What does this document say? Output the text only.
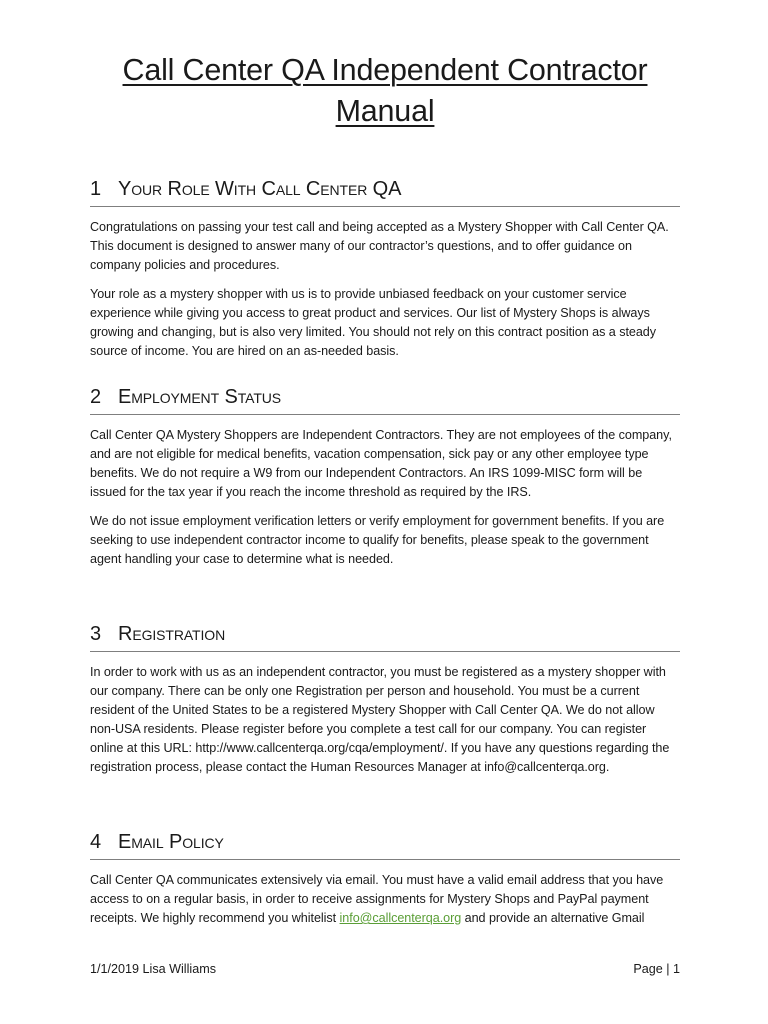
Call Center QA Independent Contractor
Manual
1 Your Role With Call Center QA

Congratulations on passing your test call and being accepted as a Mystery Shopper with Call Center QA. This document is designed to answer many of our contractor’s questions, and to offer guidance on company policies and procedures.

Your role as a mystery shopper with us is to provide unbiased feedback on your customer service experience while giving you access to great product and services. Our list of Mystery Shops is always growing and changing, but is also very limited. You should not rely on this contract position as a steady source of income. You are hired on an as-needed basis.

2 Employment Status

Call Center QA Mystery Shoppers are Independent Contractors. They are not employees of the company, and are not eligible for medical benefits, vacation compensation, sick pay or any other employee type benefits. We do not require a W9 from our Independent Contractors. An IRS 1099-MISC form will be issued for the tax year if you reach the income threshold as required by the IRS.

We do not issue employment verification letters or verify employment for government benefits. If you are seeking to use independent contractor income to qualify for benefits, please speak to the government agent handling your case to determine what is needed.

3 Registration

In order to work with us as an independent contractor, you must be registered as a mystery shopper with our company. There can be only one Registration per person and household. You must be a current resident of the United States to be a registered Mystery Shopper with Call Center QA. We do not allow non-USA residents. Please register before you complete a test call for our company. You can register online at this URL: http://www.callcenterqa.org/cqa/employment/. If you have any questions regarding the registration process, please contact the Human Resources Manager at info@callcenterqa.org.

4 Email Policy

Call Center QA communicates extensively via email. You must have a valid email address that you have access to on a regular basis, in order to receive assignments for Mystery Shops and PayPal payment receipts. We highly recommend you whitelist info@callcenterqa.org and provide an alternative Gmail

1/1/2019 Lisa Williams	Page | 1
